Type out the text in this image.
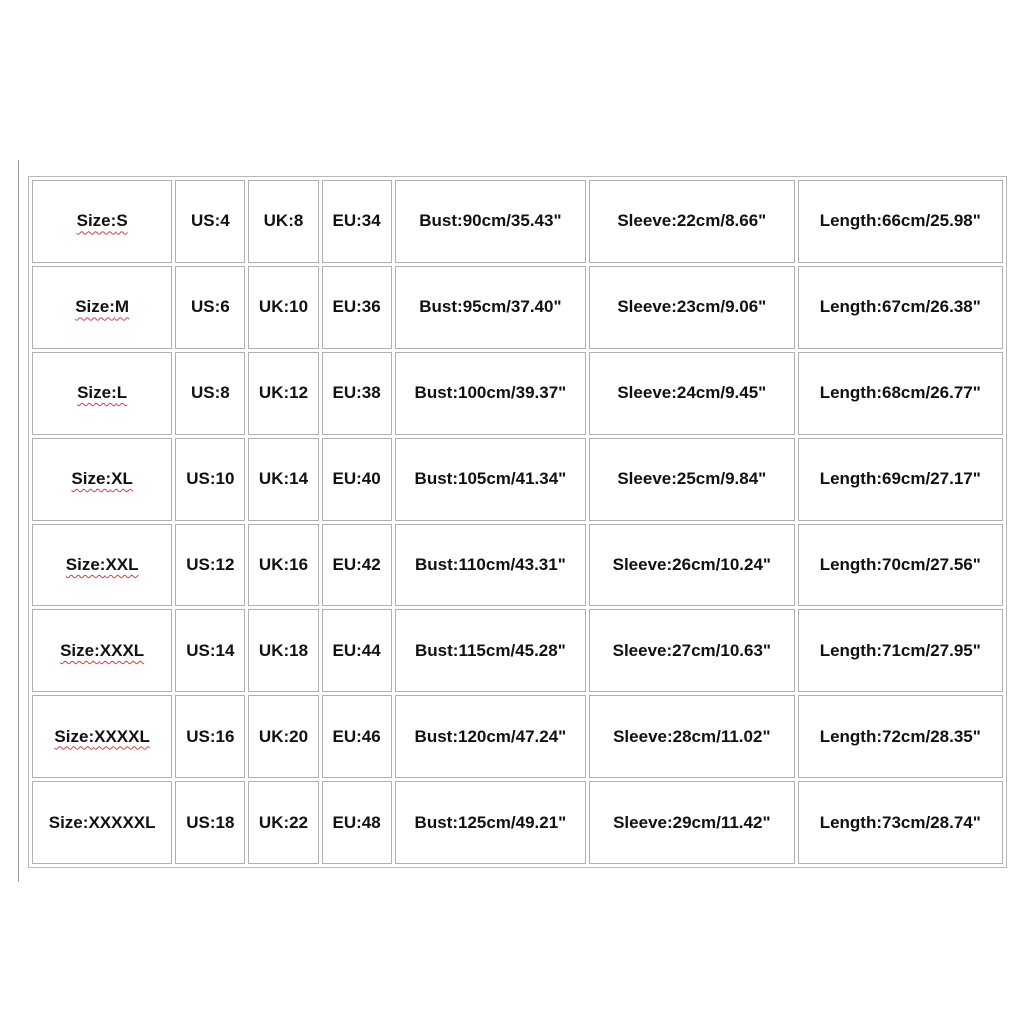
Size:S	US:4	UK:8	EU:34	Bust:90cm/35.43"	Sleeve:22cm/8.66"	Length:66cm/25.98"
Size:M	US:6	UK:10	EU:36	Bust:95cm/37.40"	Sleeve:23cm/9.06"	Length:67cm/26.38"
Size:L	US:8	UK:12	EU:38	Bust:100cm/39.37"	Sleeve:24cm/9.45"	Length:68cm/26.77"
Size:XL	US:10	UK:14	EU:40	Bust:105cm/41.34"	Sleeve:25cm/9.84"	Length:69cm/27.17"
Size:XXL	US:12	UK:16	EU:42	Bust:110cm/43.31"	Sleeve:26cm/10.24"	Length:70cm/27.56"
Size:XXXL	US:14	UK:18	EU:44	Bust:115cm/45.28"	Sleeve:27cm/10.63"	Length:71cm/27.95"
Size:XXXXL	US:16	UK:20	EU:46	Bust:120cm/47.24"	Sleeve:28cm/11.02"	Length:72cm/28.35"
Size:XXXXXL	US:18	UK:22	EU:48	Bust:125cm/49.21"	Sleeve:29cm/11.42"	Length:73cm/28.74"
